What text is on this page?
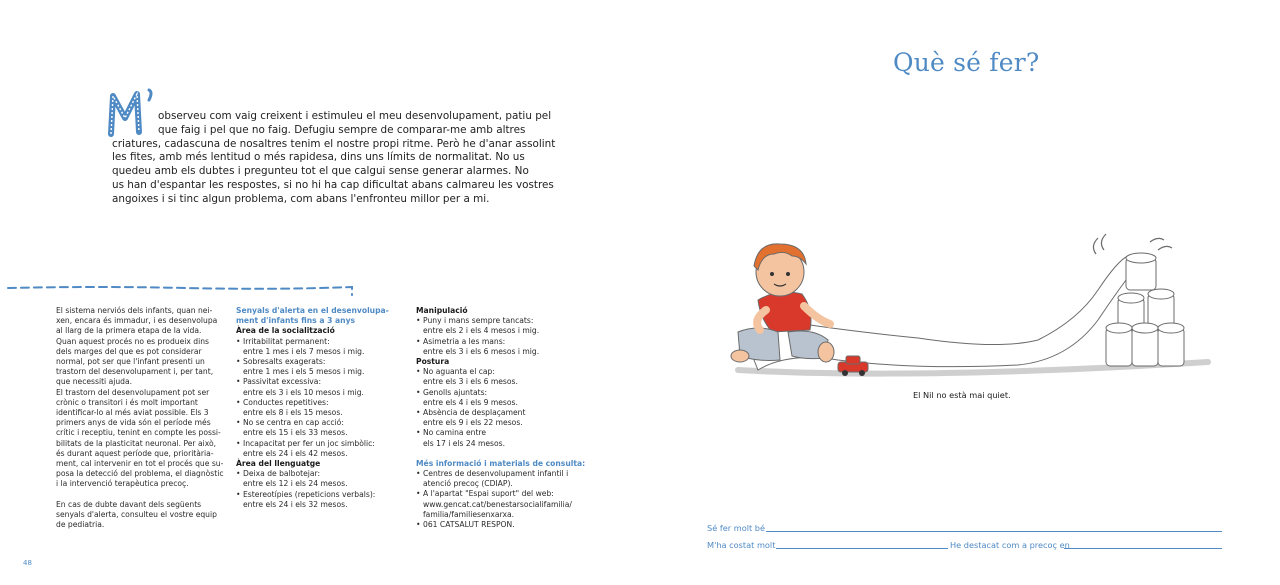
Què sé fer?
observeu com vaig creixent i estimuleu el meu desenvolupament, patiu pel
que faig i pel que no faig. Defugiu sempre de comparar-me amb altres
criatures, cadascuna de nosaltres tenim el nostre propi ritme. Però he d'anar assolint
les fites, amb més lentitud o més rapidesa, dins uns límits de normalitat. No us
quedeu amb els dubtes i pregunteu tot el que calgui sense generar alarmes. No
us han d'espantar les respostes, si no hi ha cap dificultat abans calmareu les vostres
angoixes i si tinc algun problema, com abans l'enfronteu millor per a mi.

El sistema nerviós dels infants, quan nei-

xen, encara és immadur, i es desenvolupa

al llarg de la primera etapa de la vida.

Quan aquest procés no es produeix dins

dels marges del que es pot considerar

normal, pot ser que l'infant presenti un

trastorn del desenvolupament i, per tant,

que necessiti ajuda.

El trastorn del desenvolupament pot ser

crònic o transitori i és molt important

identificar-lo al més aviat possible. Els 3

primers anys de vida són el període més

crític i receptiu, tenint en compte les possi-

bilitats de la plasticitat neuronal. Per això,

és durant aquest període que, prioritària-

ment, cal intervenir en tot el procés que su-

posa la detecció del problema, el diagnòstic

i la intervenció terapèutica precoç.

En cas de dubte davant dels següents

senyals d'alerta, consulteu el vostre equip

de pediatria.

Senyals d'alerta en el desenvolupa-

ment d'infants fins a 3 anys

Àrea de la socialització

• Irritabilitat permanent:
entre 1 mes i els 7 mesos i mig.
• Sobresalts exagerats:
entre 1 mes i els 5 mesos i mig.
• Passivitat excessiva:
entre els 3 i els 10 mesos i mig.
• Conductes repetitives:
entre els 8 i els 15 mesos.
• No se centra en cap acció:
entre els 15 i els 33 mesos.
• Incapacitat per fer un joc simbòlic:
entre els 24 i els 42 mesos.

Àrea del llenguatge

• Deixa de balbotejar:
entre els 12 i els 24 mesos.
• Estereotípies (repeticions verbals):
entre els 24 i els 32 mesos.

Manipulació

• Puny i mans sempre tancats:
entre els 2 i els 4 mesos i mig.
• Asimetria a les mans:
entre els 3 i els 6 mesos i mig.

Postura

• No aguanta el cap:
entre els 3 i els 6 mesos.
• Genolls ajuntats:
entre els 4 i els 9 mesos.
• Absència de desplaçament
entre els 9 i els 22 mesos.
• No camina entre
els 17 i els 24 mesos.

Més informació i materials de consulta:

• Centres de desenvolupament infantil i
atenció precoç (CDIAP).
• A l'apartat "Espai suport" del web:
www.gencat.cat/benestarsocialifamilia/
familia/familiesenxarxa.
• 061 CATSALUT RESPON.
48
El Nil no està mai quiet.
Sé fer molt bé
M'ha costat molt	He destacat com a precoç en
